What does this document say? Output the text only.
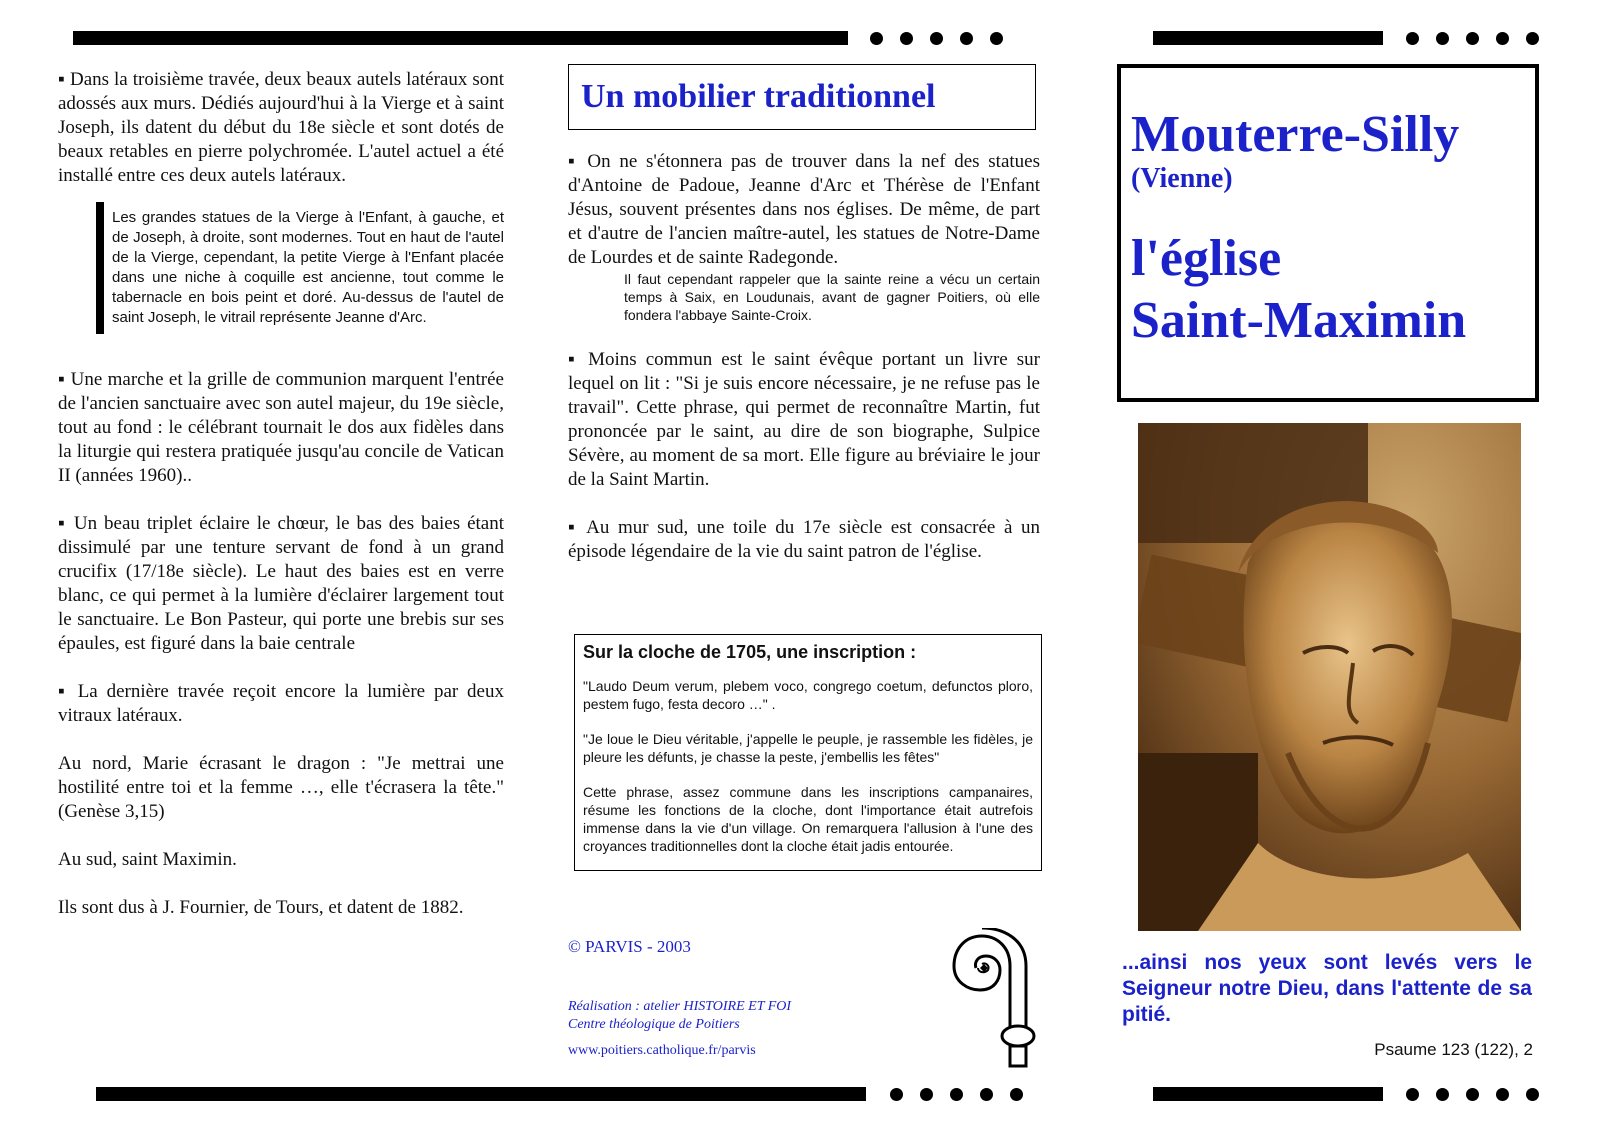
▪ Dans la troisième travée, deux beaux autels latéraux sont adossés aux murs. Dédiés aujourd'hui à la Vierge et à saint Joseph, ils datent du début du 18e siècle et sont dotés de beaux retables en pierre polychromée. L'autel actuel a été installé entre ces deux autels latéraux.

Les grandes statues de la Vierge à l'Enfant, à gauche, et de Joseph, à droite, sont modernes. Tout en haut de l'autel de la Vierge, cependant, la petite Vierge à l'Enfant placée dans une niche à coquille est ancienne, tout comme le tabernacle en bois peint et doré. Au-dessus de l'autel de saint Joseph, le vitrail représente Jeanne d'Arc.

▪ Une marche et la grille de communion marquent l'entrée de l'ancien sanctuaire avec son autel majeur, du 19e siècle, tout au fond : le célébrant tournait le dos aux fidèles dans la liturgie qui restera pratiquée jusqu'au concile de Vatican II (années 1960)..

▪ Un beau triplet éclaire le chœur, le bas des baies étant dissimulé par une tenture servant de fond à un grand crucifix (17/18e siècle). Le haut des baies est en verre blanc, ce qui permet à la lumière d'éclairer largement tout le sanctuaire. Le Bon Pasteur, qui porte une brebis sur ses épaules, est figuré dans la baie centrale

▪ La dernière travée reçoit encore la lumière par deux vitraux latéraux.

Au nord, Marie écrasant le dragon : "Je mettrai une hostilité entre toi et la femme …, elle t'écrasera la tête." (Genèse 3,15)

Au sud, saint Maximin.

Ils sont dus à J. Fournier, de Tours, et datent de 1882.

Un mobilier traditionnel

▪ On ne s'étonnera pas de trouver dans la nef des statues d'Antoine de Padoue, Jeanne d'Arc et Thérèse de l'Enfant Jésus, souvent présentes dans nos églises. De même, de part et d'autre de l'ancien maître-autel, les statues de Notre-Dame de Lourdes et de sainte Radegonde.

Il faut cependant rappeler que la sainte reine a vécu un certain temps à Saix, en Loudunais, avant de gagner Poitiers, où elle fondera l'abbaye Sainte-Croix.

▪ Moins commun est le saint évêque portant un livre sur lequel on lit : "Si je suis encore nécessaire, je ne refuse pas le travail". Cette phrase, qui permet de reconnaître Martin, fut prononcée par le saint, au dire de son biographe, Sulpice Sévère, au moment de sa mort. Elle figure au bréviaire le jour de la Saint Martin.

▪ Au mur sud, une toile du 17e siècle est consacrée à un épisode légendaire de la vie du saint patron de l'église.

Sur la cloche de 1705, une inscription :

"Laudo Deum verum, plebem voco, congrego coetum, defunctos ploro, pestem fugo, festa decoro …" .

"Je loue le Dieu véritable, j'appelle le peuple, je rassemble les fidèles, je pleure les défunts, je chasse la peste, j'embellis les fêtes"

Cette phrase, assez commune dans les inscriptions campanaires, résume les fonctions de la cloche, dont l'importance était autrefois immense dans la vie d'un village. On remarquera l'allusion à l'une des croyances traditionnelles dont la cloche était jadis entourée.

© PARVIS - 2003
Réalisation : atelier HISTOIRE ET FOI
Centre théologique de Poitiers
www.poitiers.catholique.fr/parvis
Mouterre-Silly
(Vienne)
l'église
Saint-Maximin
...ainsi nos yeux sont levés vers le Seigneur notre Dieu, dans l'attente de sa pitié.
Psaume 123 (122), 2
